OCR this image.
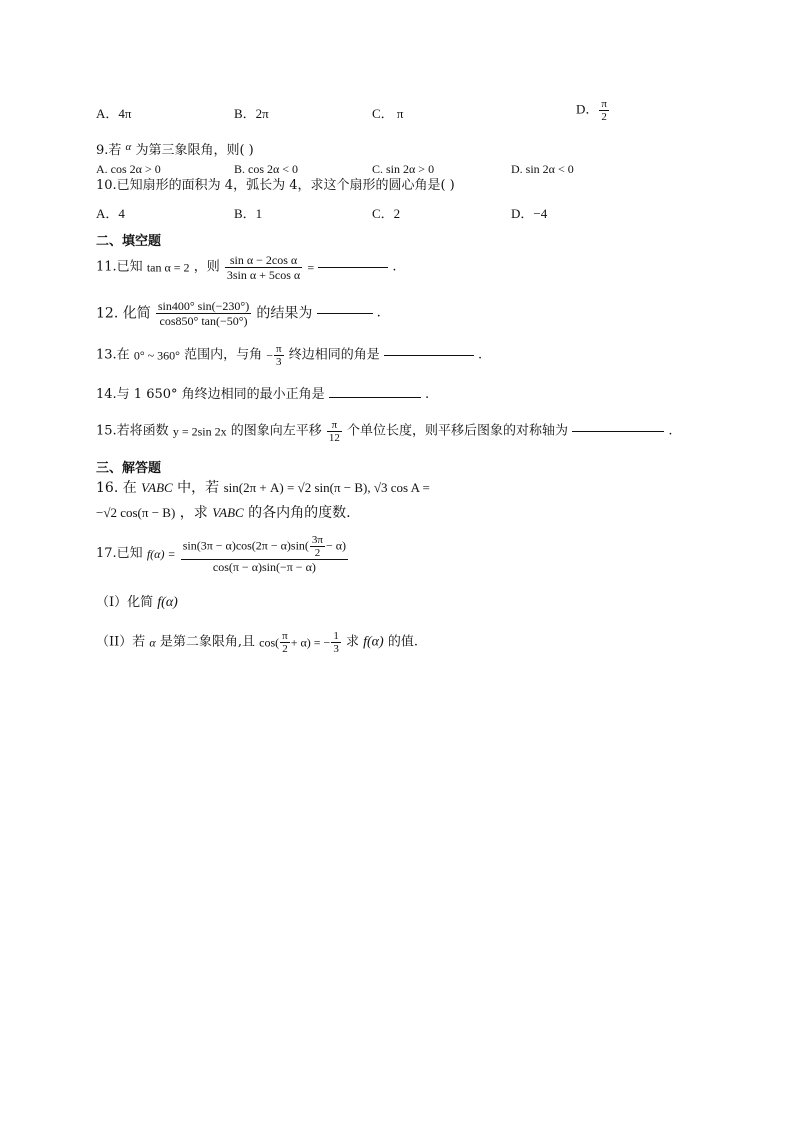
A．4π	B．2π	C． π	D． $\frac{\pi}{2}$
9.若 $^\alpha$ 为第三象限角，则( )
A. cos 2α > 0	B. cos 2α < 0	C. sin 2α > 0	D. sin 2α < 0
10.已知扇形的面积为 4，弧长为 4，求这个扇形的圆心角是( )
A．4	B．1	C．2	D．−4
二、填空题
11.已知 tan α = 2 ，则 $\frac{\text{sin α − 2cos α}}{\text{3sin α + 5cos α}}$ =	.
12. 化简 $\frac{\sin 400^\circ \sin(-230^\circ)}{\cos 850^\circ \tan(-50^\circ)}$ 的结果为	.
13.在 0° ~ 360° 范围内，与角 − $\frac{\pi}{3}$ 终边相同的角是	.
14.与 1 650° 角终边相同的最小正角是	.
15.若将函数 y = 2sin 2x 的图象向左平移 $\frac{\pi}{12}$ 个单位长度，则平移后图象的对称轴为	.
三、解答题
16. 在 VABC 中，若 sin(2π + A) = √2 sin(π − B), √3 cos A =
−√2 cos(π − B) ，求 VABC 的各内角的度数.
17.已知 $f(\alpha) = \frac{\sin(3\pi - \alpha)\cos(2\pi - \alpha)\sin( \frac{3\pi}{2} - \alpha)}{\cos(\pi - \alpha)\sin(-\pi - \alpha)}$
（I）化简 f(α)
（II）若 α 是第二象限角,且 $\cos( \frac{\pi}{2} + \alpha)$ = − $\frac{1}{3}$ 求 f(α) 的值.
